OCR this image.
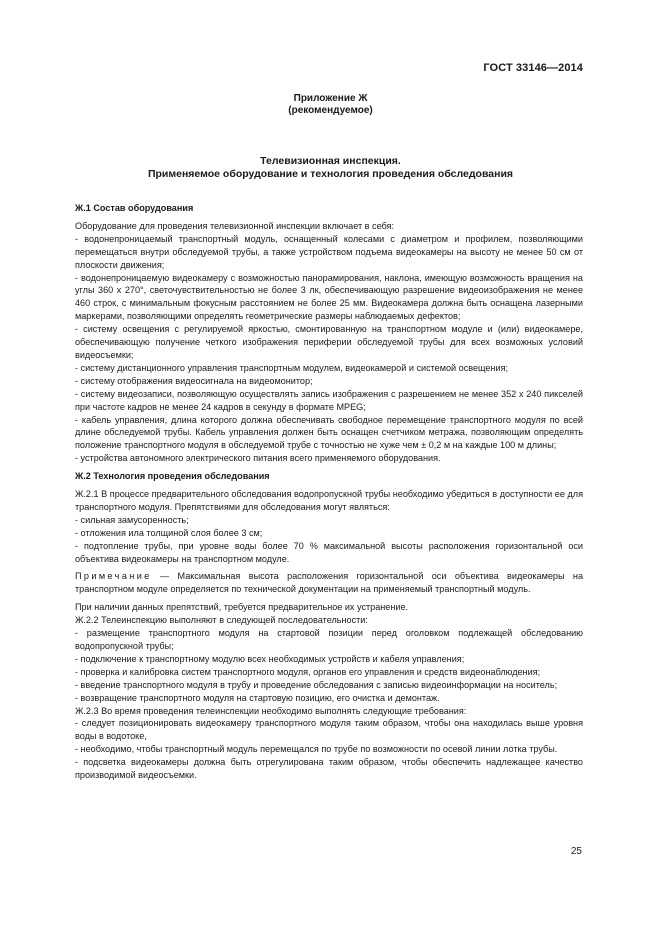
ГОСТ 33146—2014
Приложение Ж
(рекомендуемое)
Телевизионная инспекция.
Применяемое оборудование и технология проведения обследования

Ж.1 Состав оборудования

Оборудование для проведения телевизионной инспекции включает в себя:

- водонепроницаемый транспортный модуль, оснащенный колесами с диаметром и профилем, позволяющими перемещаться внутри обследуемой трубы, а также устройством подъема видеокамеры на высоту не менее 50 см от плоскости движения;

- водонепроницаемую видеокамеру с возможностью панорамирования, наклона, имеющую возможность вращения на углы 360 х 270°, светочувствительностью не более 3 лк, обеспечивающую разрешение видеоизображения не менее 460 строк, с минимальным фокусным расстоянием не более 25 мм. Видеокамера должна быть оснащена лазерными маркерами, позволяющими определять геометрические размеры наблюдаемых дефектов;

- систему освещения с регулируемой яркостью, смонтированную на транспортном модуле и (или) видеокамере, обеспечивающую получение четкого изображения периферии обследуемой трубы для всех возможных условий видеосъемки;

- систему дистанционного управления транспортным модулем, видеокамерой и системой освещения;

- систему отображения видеосигнала на видеомонитор;

- систему видеозаписи, позволяющую осуществлять запись изображения с разрешением не менее 352 х 240 пикселей при частоте кадров не менее 24 кадров в секунду в формате MPEG;

- кабель управления, длина которого должна обеспечивать свободное перемещение транспортного модуля по всей длине обследуемой трубы. Кабель управления должен быть оснащен счетчиком метража, позволяющим определять положение транспортного модуля в обследуемой трубе с точностью не хуже чем ± 0,2 м на каждые 100 м длины;

- устройства автономного электрического питания всего применяемого оборудования.

Ж.2 Технология проведения обследования

Ж.2.1 В процессе предварительного обследования водопропускной трубы необходимо убедиться в доступности ее для транспортного модуля. Препятствиями для обследования могут являться:

- сильная замусоренность;

- отложения ила толщиной слоя более 3 см;

- подтопление трубы, при уровне воды более 70 % максимальной высоты расположения горизонтальной оси объектива видеокамеры на транспортном модуле.

Примечание — Максимальная высота расположения горизонтальной оси объектива видеокамеры на транспортном модуле определяется по технической документации на применяемый транспортный модуль.

При наличии данных препятствий, требуется предварительное их устранение.

Ж.2.2 Телеинспекцию выполняют в следующей последовательности:

- размещение транспортного модуля на стартовой позиции перед оголовком подлежащей обследованию водопропускной трубы;

- подключение к транспортному модулю всех необходимых устройств и кабеля управления;

- проверка и калибровка систем транспортного модуля, органов его управления и средств видеонаблюдения;

- введение транспортного модуля в трубу и проведение обследования с записью видеоинформации на носитель;

- возвращение транспортного модуля на стартовую позицию, его очистка и демонтаж.

Ж.2.3 Во время проведения телеинспекции необходимо выполнять следующие требования:

- следует позиционировать видеокамеру транспортного модуля таким образом, чтобы она находилась выше уровня воды в водотоке,

- необходимо, чтобы транспортный модуль перемещался по трубе по возможности по осевой линии лотка трубы.

- подсветка видеокамеры должна быть отрегулирована таким образом, чтобы обеспечить надлежащее качество производимой видеосъемки.

25
